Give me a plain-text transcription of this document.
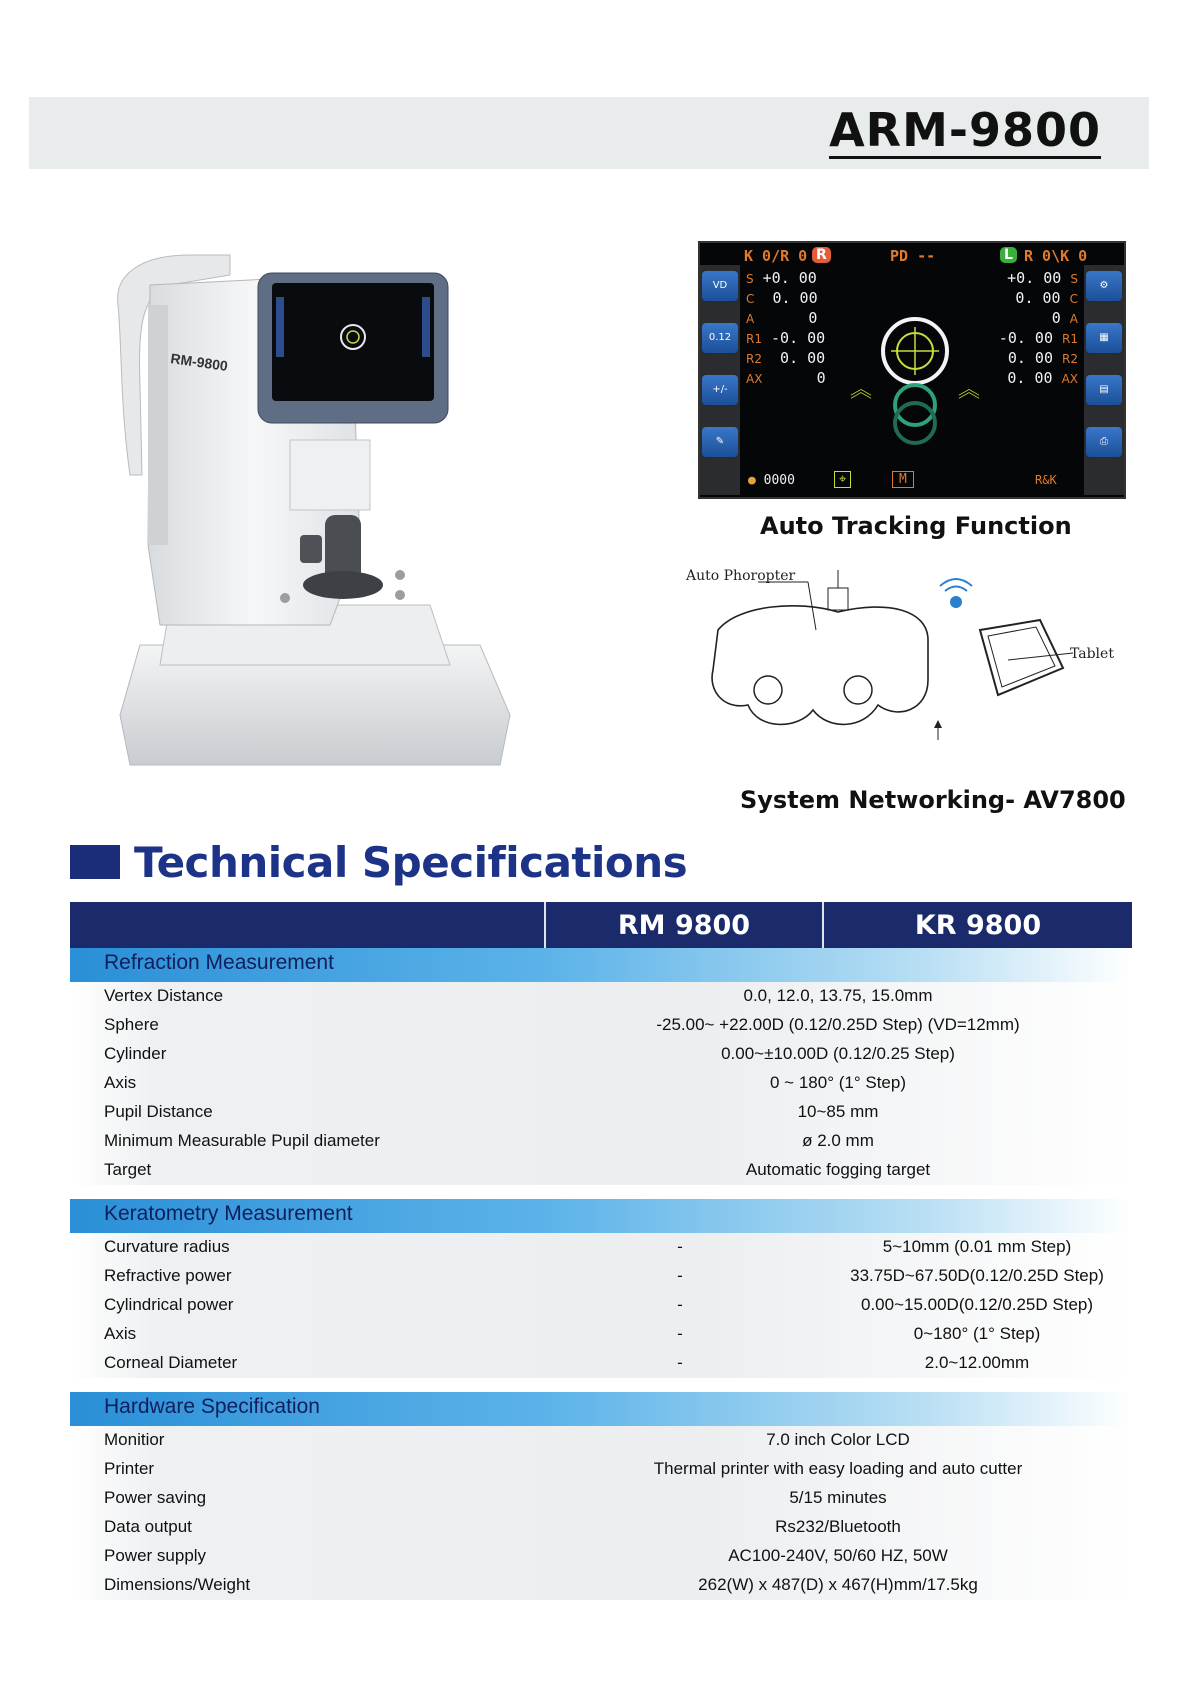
ARM-9800
RM-9800
K 0/R 0 R	PD --	L R 0\K 0
VD
0.12
+/-
✎
⚙
▦
▤
⎙
S +0. 00
C  0. 00
A      0
R1 -0. 00
R2  0. 00
AX      0
+0. 00 S
0. 00 C
0 A
-0. 00 R1
0. 00 R2
0. 00 AX
︽	︽
● 0000	⌖	M	R&K
Auto Tracking Function
Auto Phoropter
Tablet
System Networking- AV7800
Technical Specifications
RM 9800	KR 9800
Refraction Measurement
Vertex Distance	0.0, 12.0, 13.75, 15.0mm
Sphere	-25.00~ +22.00D (0.12/0.25D Step) (VD=12mm)
Cylinder	0.00~±10.00D (0.12/0.25 Step)
Axis	0 ~ 180° (1° Step)
Pupil Distance	10~85 mm
Minimum Measurable Pupil diameter	ø 2.0 mm
Target	Automatic fogging target
Keratometry Measurement
Curvature radius	-	5~10mm (0.01 mm Step)
Refractive power	-	33.75D~67.50D(0.12/0.25D Step)
Cylindrical power	-	0.00~15.00D(0.12/0.25D Step)
Axis	-	0~180° (1° Step)
Corneal Diameter	-	2.0~12.00mm
Hardware Specification
Monitior	7.0 inch Color LCD
Printer	Thermal printer with easy loading and auto cutter
Power saving	5/15 minutes
Data output	Rs232/Bluetooth
Power supply	AC100-240V, 50/60 HZ, 50W
Dimensions/Weight	262(W) x 487(D) x 467(H)mm/17.5kg
